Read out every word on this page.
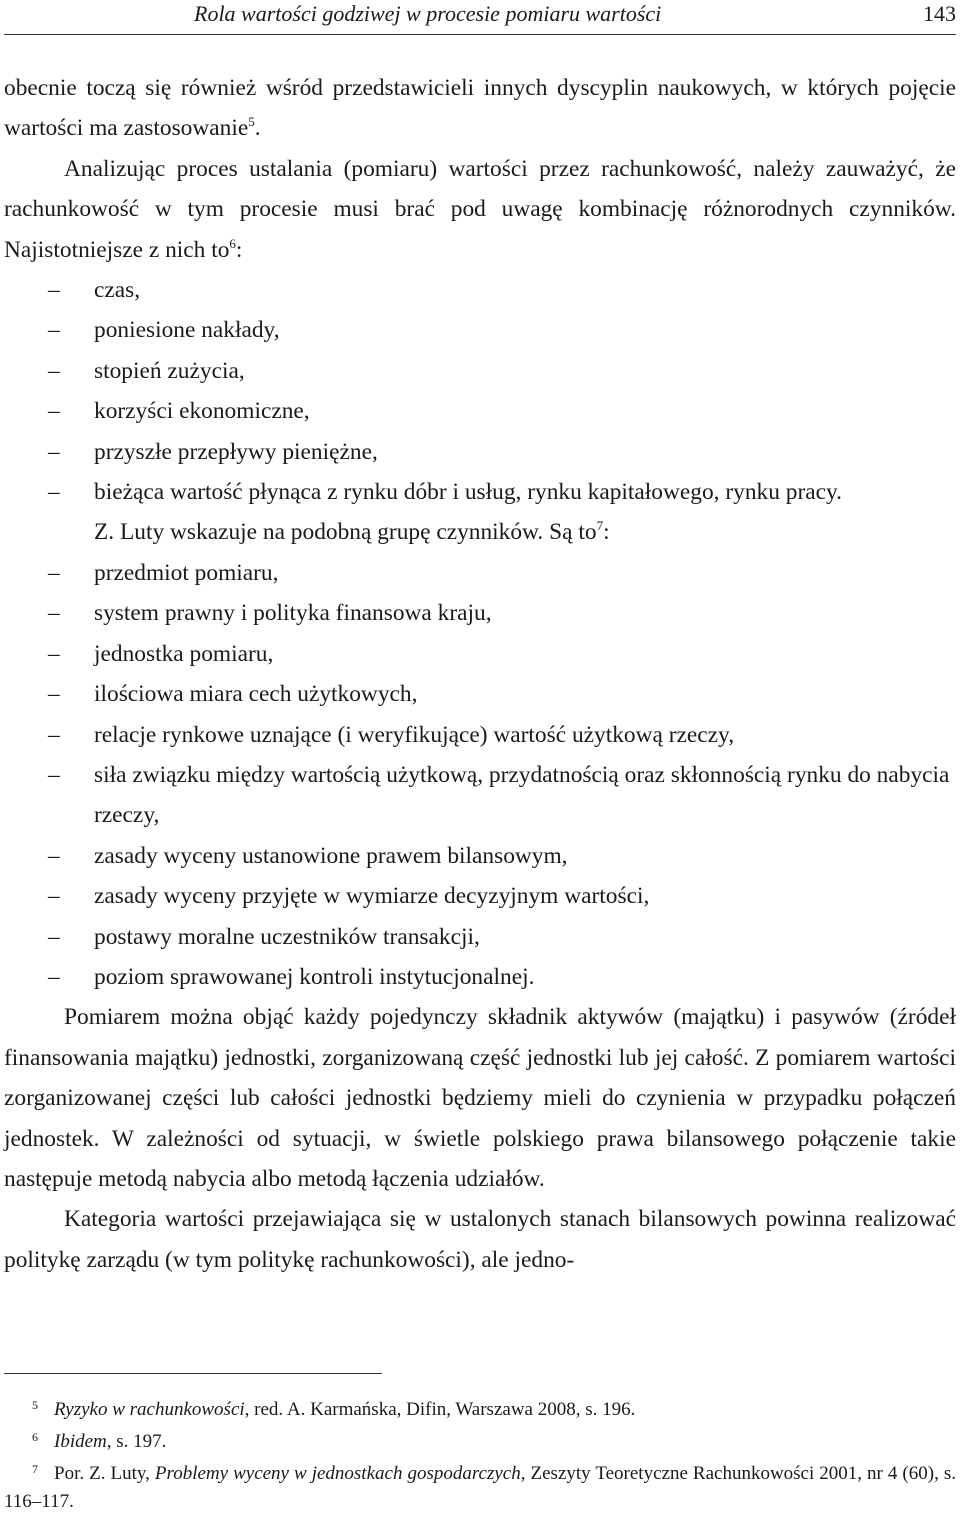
Rola wartości godziwej w procesie pomiaru wartości	143

obecnie toczą się również wśród przedstawicieli innych dyscyplin naukowych, w których pojęcie wartości ma zastosowanie$^5$.

Analizując proces ustalania (pomiaru) wartości przez rachunkowość, należy zauważyć, że rachunkowość w tym procesie musi brać pod uwagę kombinację różnorodnych czynników. Najistotniejsze z nich $to^6$:

– czas,
– poniesione nakłady,
– stopień zużycia,
– korzyści ekonomiczne,
– przyszłe przepływy pieniężne,
– bieżąca wartość płynąca z rynku dóbr i usług, rynku kapitałowego, rynku pracy.

Z. Luty wskazuje na podobną grupę czynników. Są $to^7$:

– przedmiot pomiaru,
– system prawny i polityka finansowa kraju,
– jednostka pomiaru,
– ilościowa miara cech użytkowych,
– relacje rynkowe uznające (i weryfikujące) wartość użytkową rzeczy,
– siła związku między wartością użytkową, przydatnością oraz skłonnością rynku do nabycia rzeczy,
– zasady wyceny ustanowione prawem bilansowym,
– zasady wyceny przyjęte w wymiarze decyzyjnym wartości,
– postawy moralne uczestników transakcji,
– poziom sprawowanej kontroli instytucjonalnej.

Pomiarem można objąć każdy pojedynczy składnik aktywów (majątku) i pasywów (źródeł finansowania majątku) jednostki, zorganizowaną część jednostki lub jej całość. Z pomiarem wartości zorganizowanej części lub całości jednostki będziemy mieli do czynienia w przypadku połączeń jednostek. W zależności od sytuacji, w świetle polskiego prawa bilansowego połączenie takie następuje metodą nabycia albo metodą łączenia udziałów.

Kategoria wartości przejawiająca się w ustalonych stanach bilansowych powinna realizować politykę zarządu (w tym politykę rachunkowości), ale jedno-

5 Ryzyko w rachunkowości, red. A. Karmańska, Difin, Warszawa 2008, s. 196.
6 Ibidem, s. 197.
7 Por. Z. Luty, Problemy wyceny w jednostkach gospodarczych, Zeszyty Teoretyczne Rachunkowości 2001, nr 4 (60), s. 116–117.
